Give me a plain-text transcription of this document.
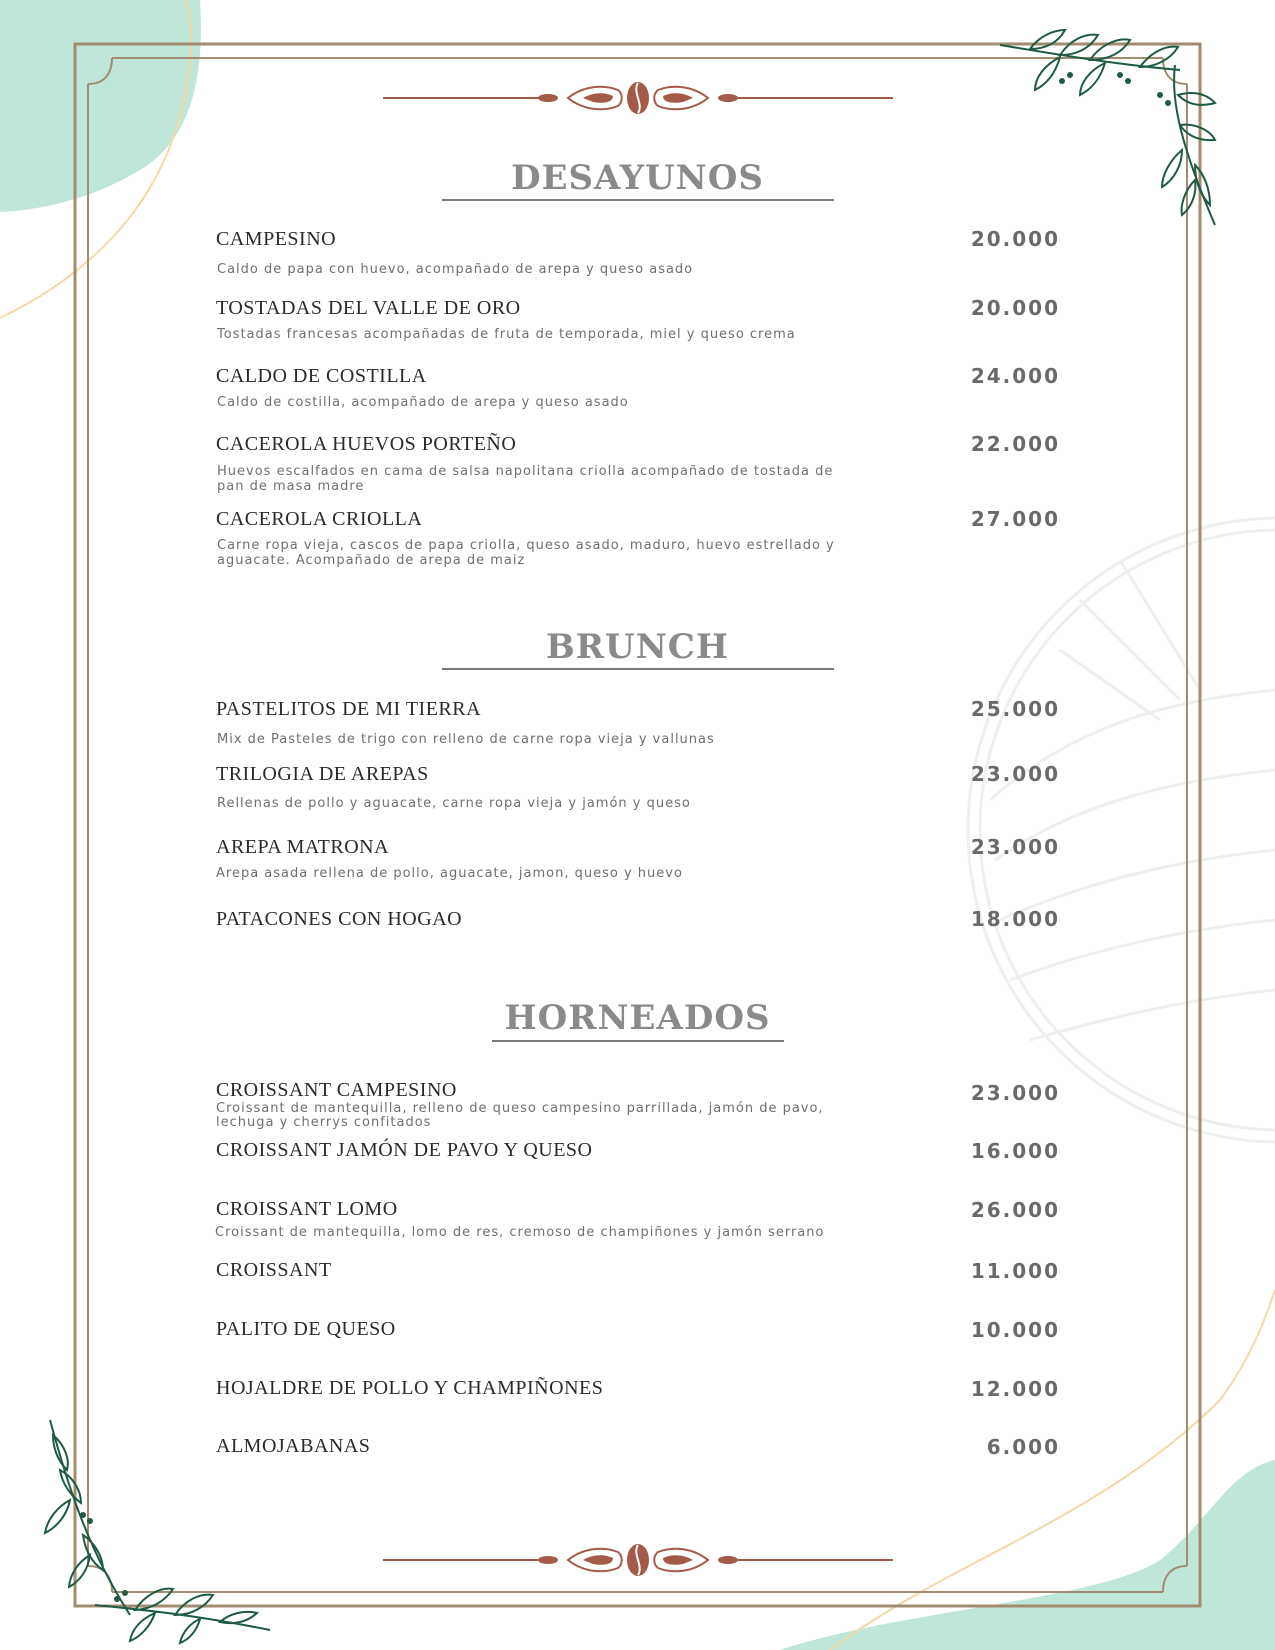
DESAYUNOS
BRUNCH
HORNEADOS
CAMPESINO	20.000
Caldo de papa con huevo, acompañado de arepa y queso asado
TOSTADAS DEL VALLE DE ORO	20.000
Tostadas francesas acompañadas de fruta de temporada, miel y queso crema
CALDO DE COSTILLA	24.000
Caldo de costilla, acompañado de arepa y queso asado
CACEROLA HUEVOS PORTEÑO	22.000
Huevos escalfados en cama de salsa napolitana criolla acompañado de tostada de pan de masa madre
CACEROLA CRIOLLA	27.000
Carne ropa vieja, cascos de papa criolla, queso asado, maduro, huevo estrellado y aguacate. Acompañado de arepa de maiz
PASTELITOS DE MI TIERRA	25.000
Mix de Pasteles de trigo con relleno de carne ropa vieja y vallunas
TRILOGIA DE AREPAS	23.000
Rellenas de pollo y aguacate, carne ropa vieja y jamón y queso
AREPA MATRONA	23.000
Arepa asada rellena de pollo, aguacate, jamon, queso y huevo
PATACONES CON HOGAO	18.000
CROISSANT CAMPESINO	23.000
Croissant de mantequilla, relleno de queso campesino parrillada, jamón de pavo, lechuga y cherrys confitados
CROISSANT JAMÓN DE PAVO Y QUESO	16.000
CROISSANT LOMO	26.000
Croissant de mantequilla, lomo de res, cremoso de champiñones y jamón serrano
CROISSANT	11.000
PALITO DE QUESO	10.000
HOJALDRE DE POLLO Y CHAMPIÑONES	12.000
ALMOJABANAS	6.000
